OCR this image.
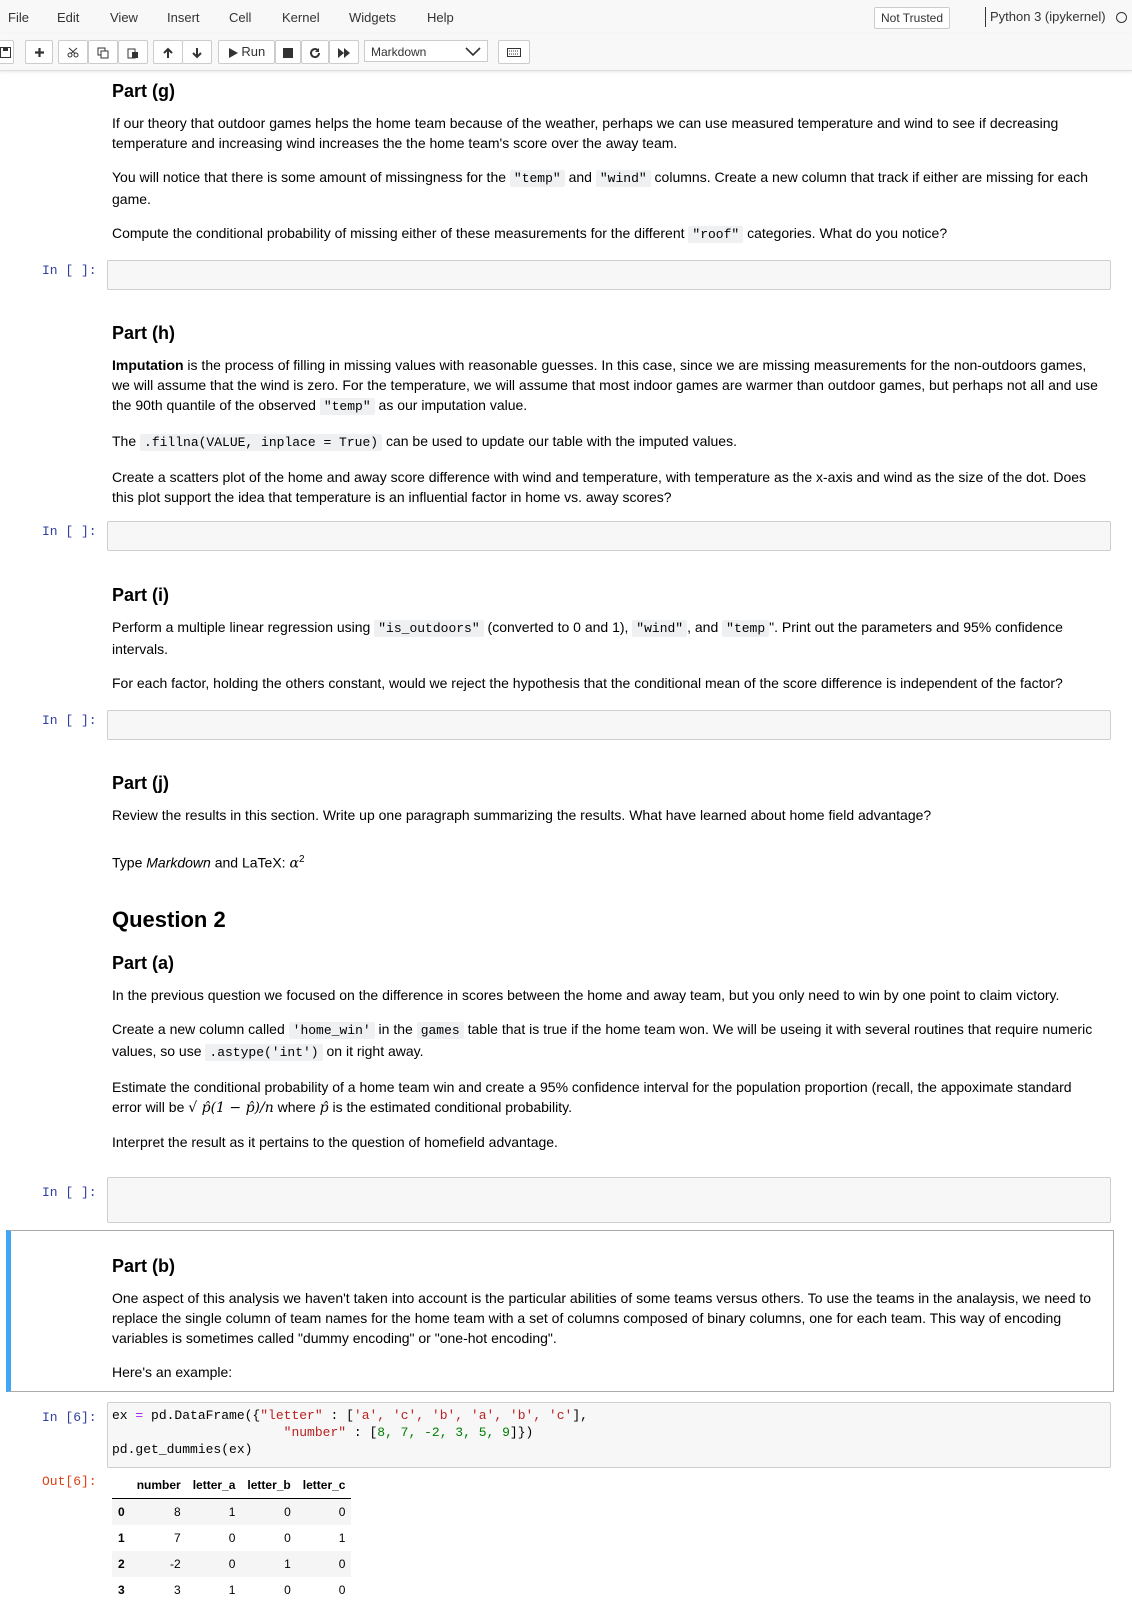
File Edit View Insert Cell Kernel Widgets Help	Not Trusted	Python 3 (ipykernel)
Run	Markdown
Part (g)

If our theory that outdoor games helps the home team because of the weather, perhaps we can use measured temperature and wind to see if decreasing temperature and increasing wind increases the the home team's score over the away team.

You will notice that there is some amount of missingness for the "temp" and "wind" columns. Create a new column that track if either are missing for each game.

Compute the conditional probability of missing either of these measurements for the different "roof" categories. What do you notice?

In [ ]:
Part (h)

Imputation is the process of filling in missing values with reasonable guesses. In this case, since we are missing measurements for the non-outdoors games, we will assume that the wind is zero. For the temperature, we will assume that most indoor games are warmer than outdoor games, but perhaps not all and use the 90th quantile of the observed "temp" as our imputation value.

The .fillna(VALUE, inplace = True) can be used to update our table with the imputed values.

Create a scatters plot of the home and away score difference with wind and temperature, with temperature as the x-axis and wind as the size of the dot. Does this plot support the idea that temperature is an influential factor in home vs. away scores?

In [ ]:
Part (i)

Perform a multiple linear regression using "is_outdoors" (converted to 0 and 1), "wind" , and "temp ". Print out the parameters and 95% confidence intervals.

For each factor, holding the others constant, would we reject the hypothesis that the conditional mean of the score difference is independent of the factor?

In [ ]:
Part (j)

Review the results in this section. Write up one paragraph summarizing the results. What have learned about home field advantage?

Type Markdown and LaTeX: $\alpha^2$

Question 2
Part (a)

In the previous question we focused on the difference in scores between the home and away team, but you only need to win by one point to claim victory.

Create a new column called 'home_win' in the games table that is true if the home team won. We will be useing it with several routines that require numeric values, so use .astype('int') on it right away.

Estimate the conditional probability of a home team win and create a 95% confidence interval for the population proportion (recall, the appoximate standard error will be √ p̂(1 − p̂)/n where p̂ is the estimated conditional probability.

Interpret the result as it pertains to the question of homefield advantage.

In [ ]:
Part (b)

One aspect of this analysis we haven't taken into account is the particular abilities of some teams versus others. To use the teams in the analaysis, we need to replace the single column of team names for the home team with a set of columns composed of binary columns, one for each team. This way of encoding variables is sometimes called "dummy encoding" or "one-hot encoding".

Here's an example:

In [6]:	ex = pd.DataFrame({"letter" : ['a', 'c', 'b', 'a', 'b', 'c'],
"number" : [8, 7, -2, 3, 5, 9]})
pd.get_dummies(ex)
Out[6]:
		number	letter_a	letter_b	letter_c
0	8	1	0	0
1	7	0	0	1
2	-2	0	1	0
3	3	1	0	0
